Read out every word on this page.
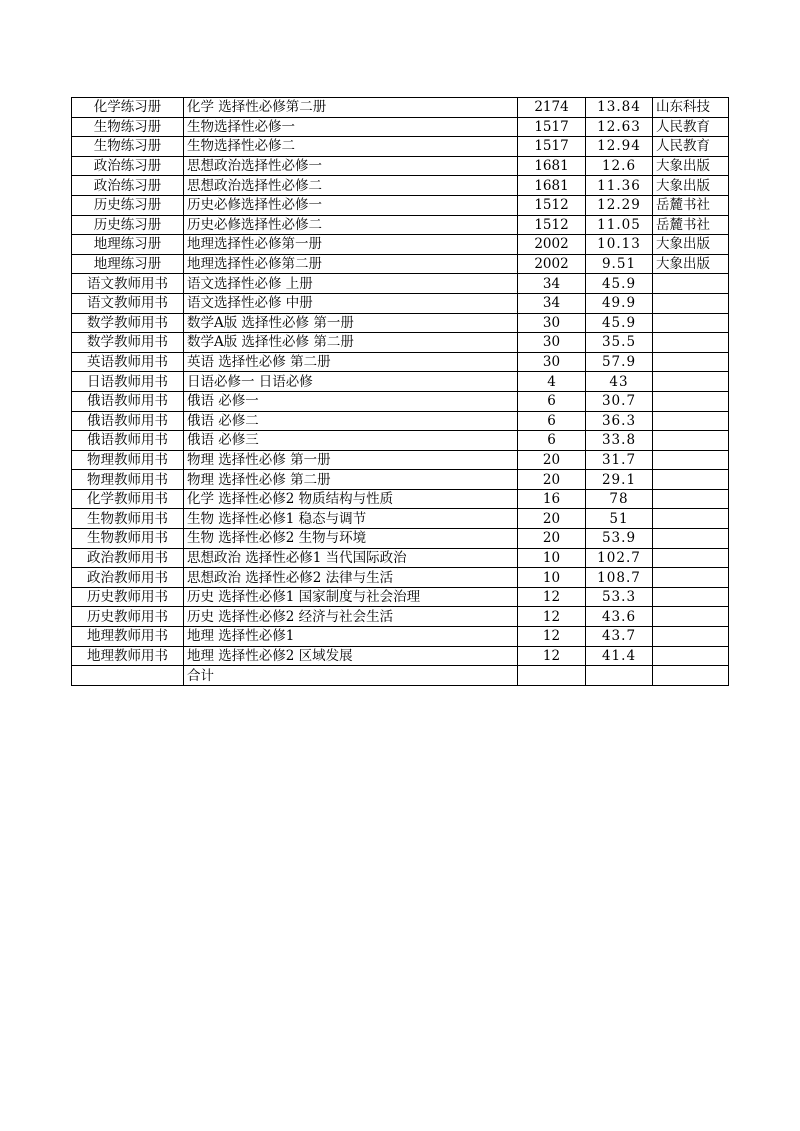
化学练习册	化学 选择性必修第二册	2174	13.84	山东科技
生物练习册	生物选择性必修一	1517	12.63	人民教育
生物练习册	生物选择性必修二	1517	12.94	人民教育
政治练习册	思想政治选择性必修一	1681	12.6	大象出版
政治练习册	思想政治选择性必修二	1681	11.36	大象出版
历史练习册	历史必修选择性必修一	1512	12.29	岳麓书社
历史练习册	历史必修选择性必修二	1512	11.05	岳麓书社
地理练习册	地理选择性必修第一册	2002	10.13	大象出版
地理练习册	地理选择性必修第二册	2002	9.51	大象出版
语文教师用书	语文选择性必修 上册	34	45.9	
语文教师用书	语文选择性必修 中册	34	49.9	
数学教师用书	数学A版 选择性必修 第一册	30	45.9	
数学教师用书	数学A版 选择性必修 第二册	30	35.5	
英语教师用书	英语 选择性必修 第二册	30	57.9	
日语教师用书	日语必修一 日语必修	4	43	
俄语教师用书	俄语 必修一	6	30.7	
俄语教师用书	俄语 必修二	6	36.3	
俄语教师用书	俄语 必修三	6	33.8	
物理教师用书	物理 选择性必修 第一册	20	31.7	
物理教师用书	物理 选择性必修 第二册	20	29.1	
化学教师用书	化学 选择性必修2 物质结构与性质	16	78	
生物教师用书	生物 选择性必修1 稳态与调节	20	51	
生物教师用书	生物 选择性必修2 生物与环境	20	53.9	
政治教师用书	思想政治 选择性必修1 当代国际政治	10	102.7	
政治教师用书	思想政治 选择性必修2 法律与生活	10	108.7	
历史教师用书	历史 选择性必修1 国家制度与社会治理	12	53.3	
历史教师用书	历史 选择性必修2 经济与社会生活	12	43.6	
地理教师用书	地理 选择性必修1	12	43.7	
地理教师用书	地理 选择性必修2 区域发展	12	41.4	
	合计			
